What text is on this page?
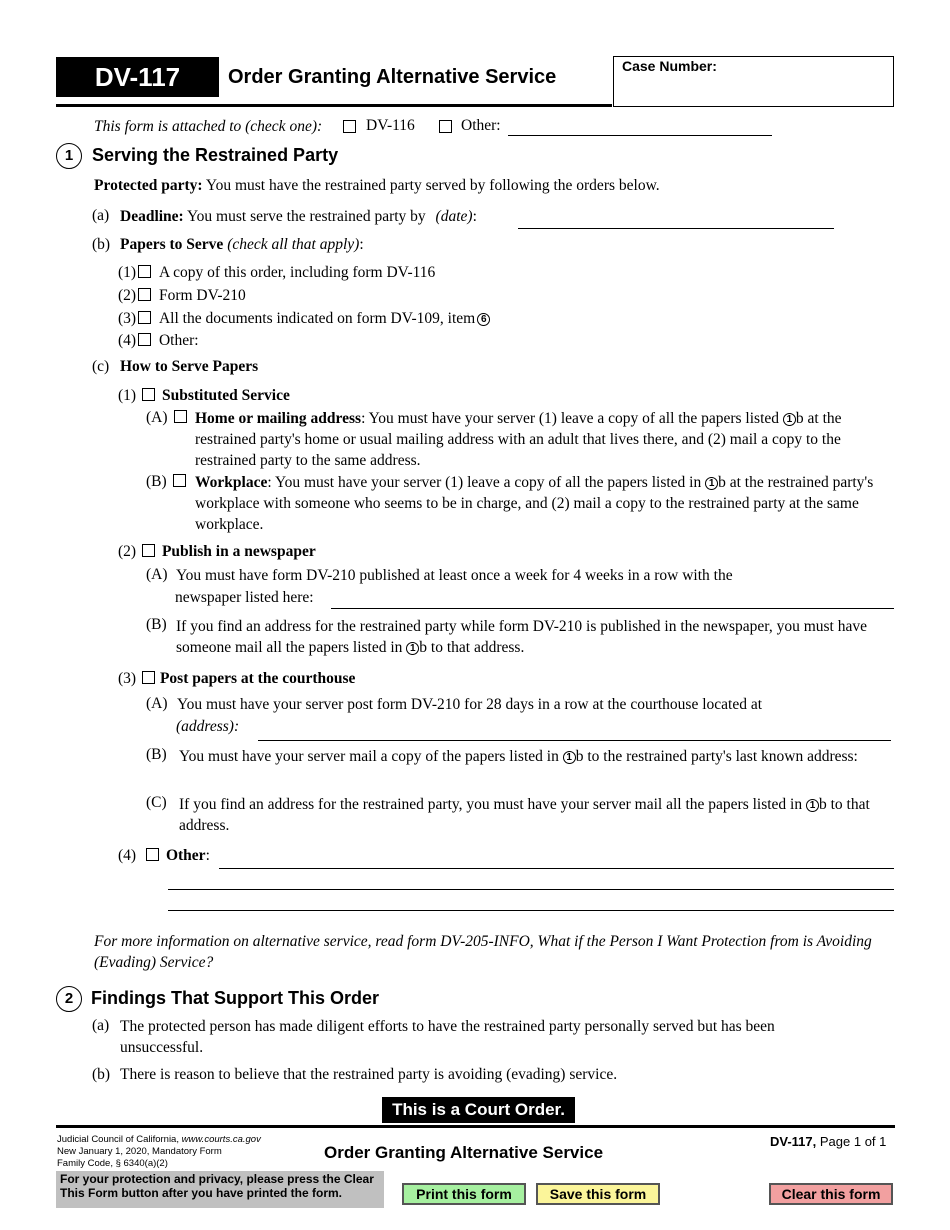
DV-117	Order Granting Alternative Service	Case Number:
This form is attached to (check one):	DV-116	Other:
1	Serving the Restrained Party
Protected party: You must have the restrained party served by following the orders below.
(a) Deadline: You must serve the restrained party by (date):
(b) Papers to Serve (check all that apply):
(1) A copy of this order, including form DV-116
(2) Form DV-210
(3) All the documents indicated on form DV-109, item 6
(4) Other:
(c) How to Serve Papers
(1) Substituted Service
(A)	Home or mailing address: You must have your server (1) leave a copy of all the papers listed 1 b at the restrained party's home or usual mailing address with an adult that lives there, and (2) mail a copy to the restrained party to the same address.
(B)	Workplace: You must have your server (1) leave a copy of all the papers listed in 1 b at the restrained party's workplace with someone who seems to be in charge, and (2) mail a copy to the restrained party at the same workplace.
(2) Publish in a newspaper
(A) You must have form DV-210 published at least once a week for 4 weeks in a row with the
newspaper listed here:
(B) If you find an address for the restrained party while form DV-210 is published in the newspaper, you must have someone mail all the papers listed in 1 b to that address.
(3) Post papers at the courthouse
(A) You must have your server post form DV-210 for 28 days in a row at the courthouse located at
(address):
(B) You must have your server mail a copy of the papers listed in 1 b to the restrained party's last known address:
(C) If you find an address for the restrained party, you must have your server mail all the papers listed in 1 b to that address.
(4) Other:
For more information on alternative service, read form DV-205-INFO, What if the Person I Want Protection from is Avoiding (Evading) Service?
2 Findings That Support This Order
(a) The protected person has made diligent efforts to have the restrained party personally served but has been unsuccessful.
(b) There is reason to believe that the restrained party is avoiding (evading) service.
This is a Court Order.
Judicial Council of California, www.courts.ca.gov
New January 1, 2020, Mandatory Form
Family Code, § 6340(a)(2)
Order Granting Alternative Service
DV-117, Page 1 of 1
For your protection and privacy, please press the Clear This Form button after you have printed the form.	Print this form	Save this form	Clear this form
